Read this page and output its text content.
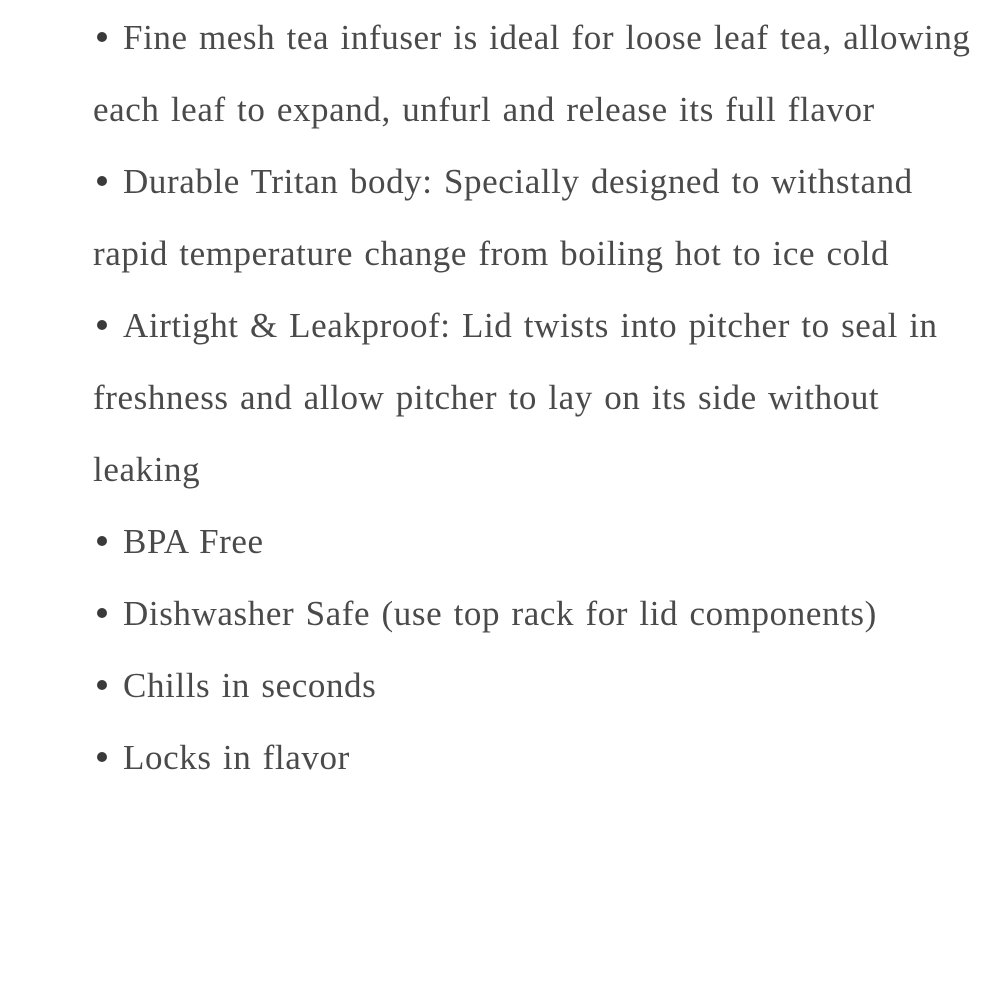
Fine mesh tea infuser is ideal for loose leaf tea, allowing each leaf to expand, unfurl and release its full flavor
Durable Tritan body: Specially designed to withstand rapid temperature change from boiling hot to ice cold
Airtight & Leakproof: Lid twists into pitcher to seal in freshness and allow pitcher to lay on its side without leaking
BPA Free
Dishwasher Safe (use top rack for lid components)
Chills in seconds
Locks in flavor
